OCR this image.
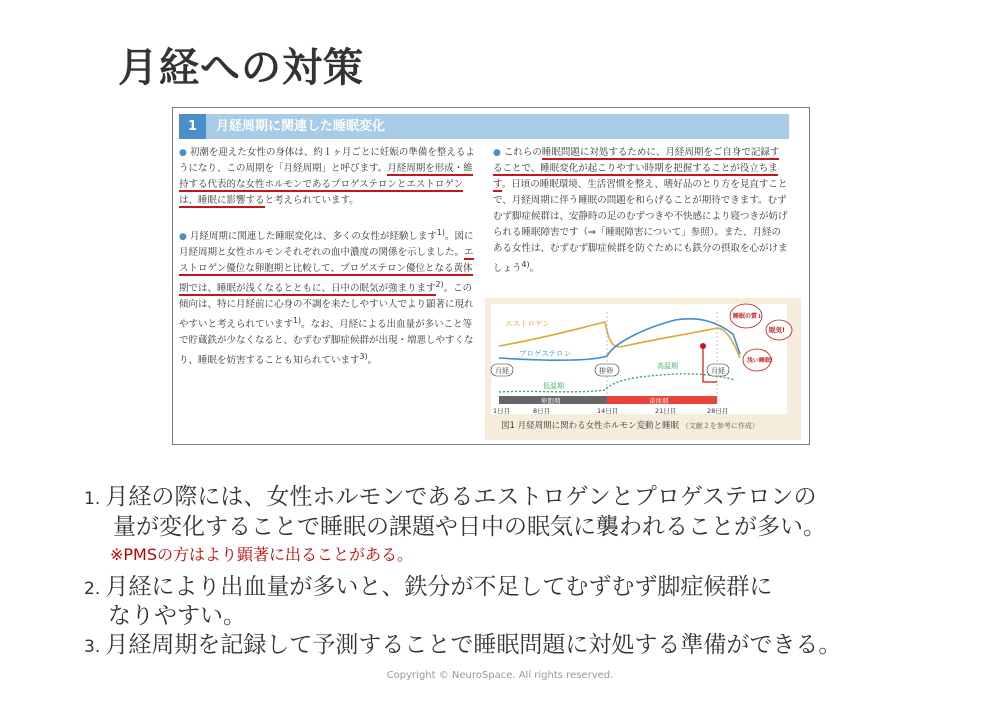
月経への対策
1	月経周期に関連した睡眠変化

● 初潮を迎えた女性の身体は、約１ヶ月ごとに妊娠の準備を整えるようになり、この周期を「月経周期」と呼びます。月経周期を形成・維持する代表的な女性ホルモンであるプロゲステロンとエストロゲンは、睡眠に影響すると考えられています。

● 月経周期に関連した睡眠変化は、多くの女性が経験します$^{1)}$。図に月経周期と女性ホルモンそれぞれの血中濃度の関係を示しました。エストロゲン優位な卵胞期と比較して、プロゲステロン優位となる黄体期では、睡眠が浅くなるとともに、日中の眠気が強まります$^{2)}$。この傾向は、特に月経前に心身の不調を来たしやすい人でより顕著に現れやすいと考えられています$^{1)}$。なお、月経による出血量が多いこと等で貯蔵鉄が少なくなると、むずむず脚症候群が出現・増悪しやすくなり、睡眠を妨害することも知られています$^{3)}$。

● これらの睡眠問題に対処するために、月経周期をご自身で記録することで、睡眠変化が起こりやすい時期を把握することが役立ちます。日頃の睡眠環境、生活習慣を整え、嗜好品のとり方を見直すことで、月経周期に伴う睡眠の問題を和らげることが期待できます。むずむず脚症候群は、安静時の足のむずつきや不快感により寝つきが妨げられる睡眠障害です（⇒「睡眠障害について」参照）。また、月経のある女性は、むずむず脚症候群を防ぐためにも鉄分の摂取を心がけましょう$^{4)}$。

エストロゲン
プロゲステロン
月経	排卵	月経
高温期
低温期
卵胞期	黄体期
1日目	8日目	14日目	21日目	28日目
睡眠の質↓
眠気!
浅い睡眠!
図1 月経周期に関わる女性ホルモン変動と睡眠 （文献２を参考に作成）
1. 月経の際には、女性ホルモンであるエストロゲンとプロゲステロンの
量が変化することで睡眠の課題や日中の眠気に襲われることが多い。
※PMSの方はより顕著に出ることがある。
2. 月経により出血量が多いと、鉄分が不足してむずむず脚症候群に
なりやすい。
3. 月経周期を記録して予測することで睡眠問題に対処する準備ができる。
Copyright © NeuroSpace. All rights reserved.
